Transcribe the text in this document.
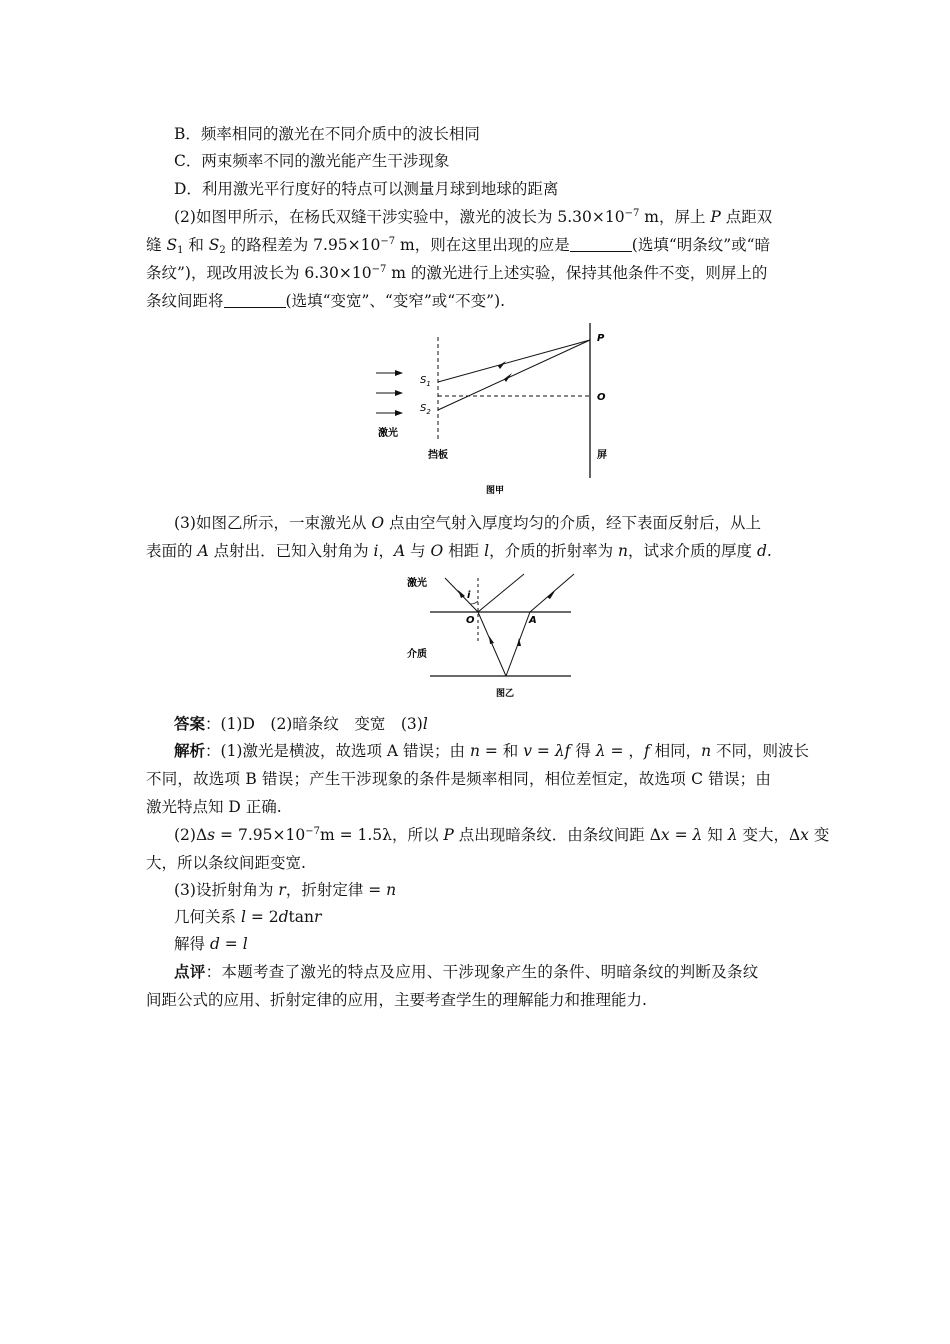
B．频率相同的激光在不同介质中的波长相同
C．两束频率不同的激光能产生干涉现象
D．利用激光平行度好的特点可以测量月球到地球的距离
(2)如图甲所示，在杨氏双缝干涉实验中，激光的波长为 $5.30\times 10^{-7}$ m，屏上 P 点距双
缝 $S_1$ 和 $S_2$ 的路程差为 $7.95\times 10^{-7}$ m，则在这里出现的应是	(选填“明条纹”或“暗
条纹”)，现改用波长为 $6.30\times 10^{-7}$ m 的激光进行上述实验，保持其他条件不变，则屏上的
条纹间距将	(选填“变宽”、“变窄”或“不变”).
P
O
$S_1$
$S_2$
激光
挡板	屏
图甲
(3)如图乙所示，一束激光从 O 点由空气射入厚度均匀的介质，经下表面反射后，从上
表面的 A 点射出．已知入射角为 i，A 与 O 相距 l，介质的折射率为 n，试求介质的厚度 d.
激光
i
O	A
介质
图乙
答案：(1)D　(2)暗条纹　变宽　(3)l
解析：(1)激光是横波，故选项 A 错误；由 n = 和 v = λf 得 λ = ，f 相同，n 不同，则波长
不同，故选项 B 错误；产生干涉现象的条件是频率相同，相位差恒定，故选项 C 错误；由
激光特点知 D 正确.
$(2)\Delta s = 7.95\times 10^{-7}m = 1.5\lambda$，所以 P 点出现暗条纹．由条纹间距 Δx = λ 知 λ 变大，Δx 变
大，所以条纹间距变宽.
(3)设折射角为 r，折射定律 = n
几何关系 l = 2dtanr
解得 d = l
点评：本题考查了激光的特点及应用、干涉现象产生的条件、明暗条纹的判断及条纹
间距公式的应用、折射定律的应用，主要考查学生的理解能力和推理能力.
